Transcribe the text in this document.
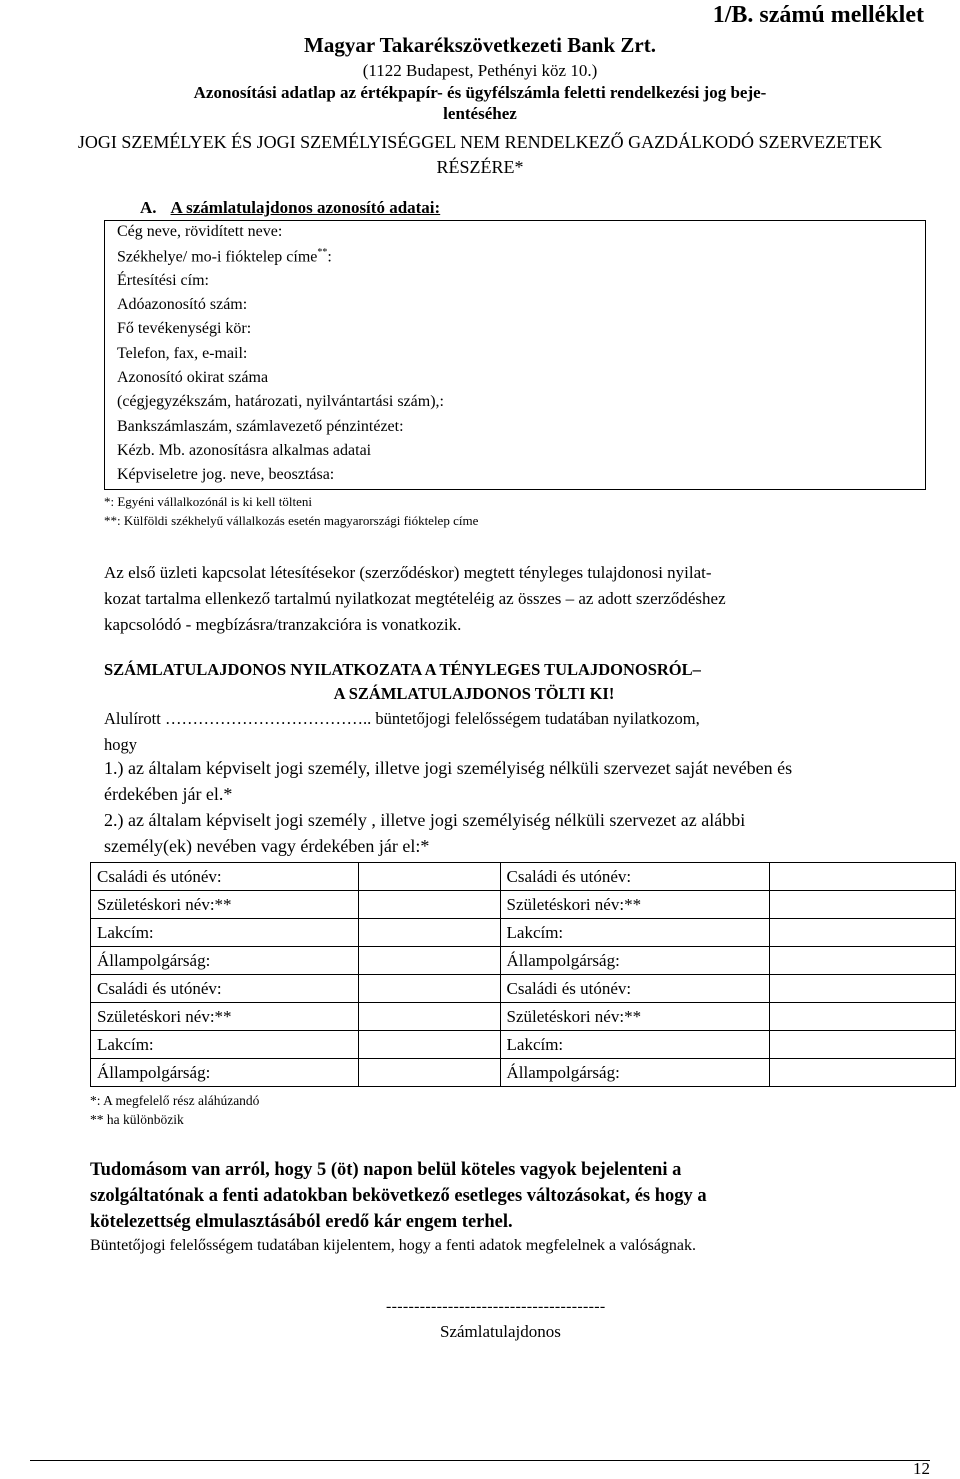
1/B. számú melléklet
Magyar Takarékszövetkezeti Bank Zrt.
(1122 Budapest, Pethényi köz 10.)
Azonosítási adatlap az értékpapír- és ügyfélszámla feletti rendelkezési jog beje-
lentéséhez
JOGI SZEMÉLYEK ÉS JOGI SZEMÉLYISÉGGEL NEM RENDELKEZŐ GAZDÁLKODÓ SZERVEZETEK
RÉSZÉRE*
A. A számlatulajdonos azonosító adatai:
Cég neve, rövidített neve:
Székhelye/ mo-i fióktelep címe**:
Értesítési cím:
Adóazonosító szám:
Fő tevékenységi kör:
Telefon, fax, e-mail:
Azonosító okirat száma
(cégjegyzékszám, határozati, nyilvántartási szám),:
Bankszámlaszám, számlavezető pénzintézet:
Kézb. Mb. azonosításra alkalmas adatai
Képviseletre jog. neve, beosztása:
*: Egyéni vállalkozónál is ki kell tölteni
**: Külföldi székhelyű vállalkozás esetén magyarországi fióktelep címe
Az első üzleti kapcsolat létesítésekor (szerződéskor) megtett tényleges tulajdonosi nyilat-
kozat tartalma ellenkező tartalmú nyilatkozat megtételéig az összes – az adott szerződéshez
kapcsolódó - megbízásra/tranzakcióra is vonatkozik.
SZÁMLATULAJDONOS NYILATKOZATA A TÉNYLEGES TULAJDONOSRÓL–
A SZÁMLATULAJDONOS TÖLTI KI!
Alulírott ……………………………….. büntetőjogi felelősségem tudatában nyilatkozom,
hogy
1.) az általam képviselt jogi személy, illetve jogi személyiség nélküli szervezet saját nevében és
érdekében jár el.*
2.) az általam képviselt jogi személy , illetve jogi személyiség nélküli szervezet az alábbi
személy(ek) nevében vagy érdekében jár el:*
Családi és utónév:		Családi és utónév:	
Születéskori név:**		Születéskori név:**	
Lakcím:		Lakcím:	
Állampolgárság:		Állampolgárság:	
Családi és utónév:		Családi és utónév:	
Születéskori név:**		Születéskori név:**	
Lakcím:		Lakcím:	
Állampolgárság:		Állampolgárság:	
*: A megfelelő rész aláhúzandó
** ha különbözik
Tudomásom van arról, hogy 5 (öt) napon belül köteles vagyok bejelenteni a
szolgáltatónak a fenti adatokban bekövetkező esetleges változásokat, és hogy a
kötelezettség elmulasztásából eredő kár engem terhel.
Büntetőjogi felelősségem tudatában kijelentem, hogy a fenti adatok megfelelnek a valóságnak.
---------------------------------------
Számlatulajdonos
12
